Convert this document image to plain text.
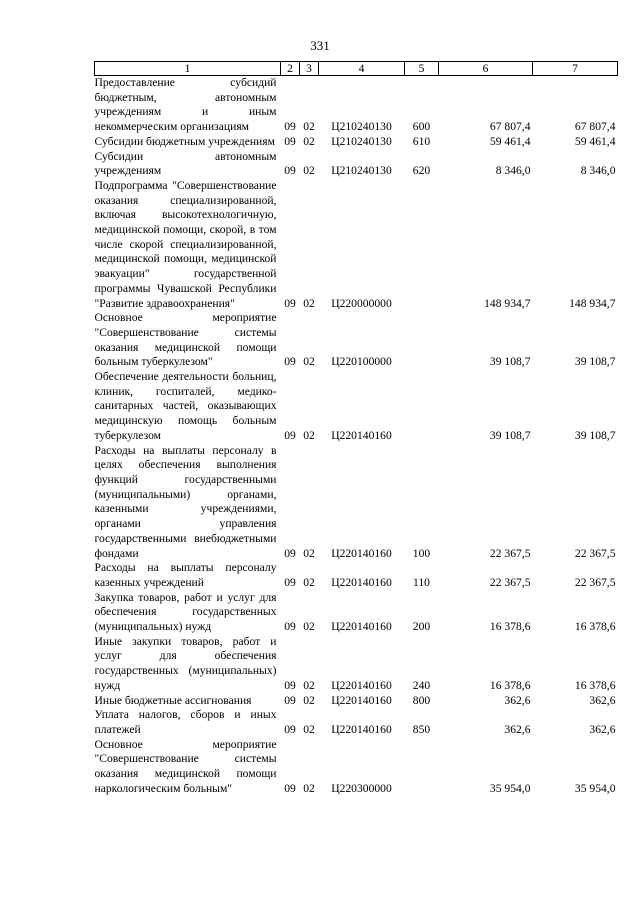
331
1	2	3	4	5	6	7
Предоставление субсидий бюджетным, автономным учреждениям и иным некоммерческим организациям	09	02	Ц210240130	600	67 807,4	67 807,4
Субсидии бюджетным учреждениям	09	02	Ц210240130	610	59 461,4	59 461,4
Субсидии автономным учреждениям	09	02	Ц210240130	620	8 346,0	8 346,0
Подпрограмма "Совершенствование оказания специализированной, включая высокотехнологичную, медицинской помощи, скорой, в том числе скорой специализированной, медицинской помощи, медицинской эвакуации" государственной программы Чувашской Республики "Развитие здравоохранения"	09	02	Ц220000000		148 934,7	148 934,7
Основное мероприятие "Совершенствование системы оказания медицинской помощи больным туберкулезом"	09	02	Ц220100000		39 108,7	39 108,7
Обеспечение деятельности больниц, клиник, госпиталей, медико-санитарных частей, оказывающих медицинскую помощь больным туберкулезом	09	02	Ц220140160		39 108,7	39 108,7
Расходы на выплаты персоналу в целях обеспечения выполнения функций государственными (муниципальными) органами, казенными учреждениями, органами управления государственными внебюджетными фондами	09	02	Ц220140160	100	22 367,5	22 367,5
Расходы на выплаты персоналу казенных учреждений	09	02	Ц220140160	110	22 367,5	22 367,5
Закупка товаров, работ и услуг для обеспечения государственных (муниципальных) нужд	09	02	Ц220140160	200	16 378,6	16 378,6
Иные закупки товаров, работ и услуг для обеспечения государственных (муниципальных) нужд	09	02	Ц220140160	240	16 378,6	16 378,6
Иные бюджетные ассигнования	09	02	Ц220140160	800	362,6	362,6
Уплата налогов, сборов и иных платежей	09	02	Ц220140160	850	362,6	362,6
Основное мероприятие "Совершенствование системы оказания медицинской помощи наркологическим больным"	09	02	Ц220300000		35 954,0	35 954,0
